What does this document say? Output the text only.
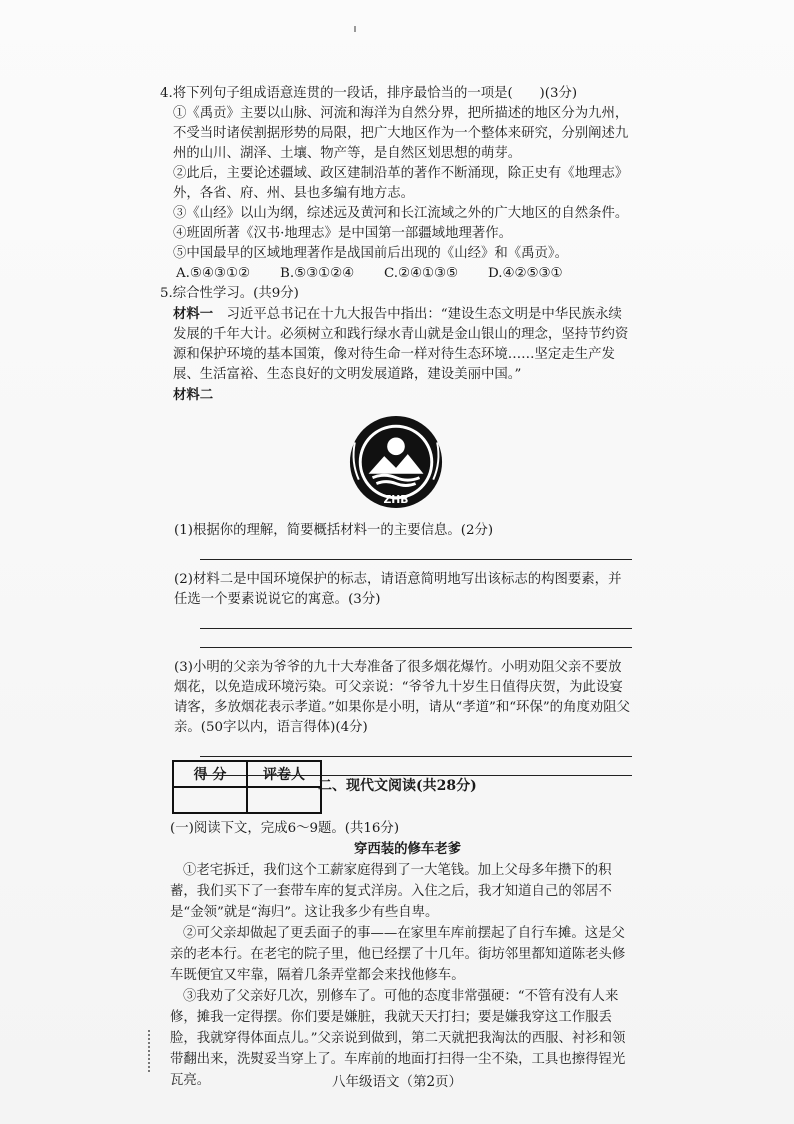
4.将下列句子组成语意连贯的一段话，排序最恰当的一项是(　　)(3分)

①《禹贡》主要以山脉、河流和海洋为自然分界，把所描述的地区分为九州，不受当时诸侯割据形势的局限，把广大地区作为一个整体来研究，分别阐述九州的山川、湖泽、土壤、物产等，是自然区划思想的萌芽。

②此后，主要论述疆域、政区建制沿革的著作不断涌现，除正史有《地理志》外，各省、府、州、县也多编有地方志。

③《山经》以山为纲，综述远及黄河和长江流域之外的广大地区的自然条件。

④班固所著《汉书·地理志》是中国第一部疆域地理著作。

⑤中国最早的区域地理著作是战国前后出现的《山经》和《禹贡》。

A.⑤④③①②	B.⑤③①②④	C.②④①③⑤	D.④②⑤③①

5.综合性学习。(共9分)

材料一　习近平总书记在十九大报告中指出：“建设生态文明是中华民族永续发展的千年大计。必须树立和践行绿水青山就是金山银山的理念，坚持节约资源和保护环境的基本国策，像对待生命一样对待生态环境……坚定走生产发展、生活富裕、生态良好的文明发展道路，建设美丽中国。”

材料二

ZHB

(1)根据你的理解，简要概括材料一的主要信息。(2分)

(2)材料二是中国环境保护的标志，请语意简明地写出该标志的构图要素，并任选一个要素说说它的寓意。(3分)

(3)小明的父亲为爷爷的九十大寿准备了很多烟花爆竹。小明劝阻父亲不要放烟花，以免造成环境污染。可父亲说：“爷爷九十岁生日值得庆贺，为此设宴请客，多放烟花表示孝道。”如果你是小明，请从“孝道”和“环保”的角度劝阻父亲。(50字以内，语言得体)(4分)

得 分	评卷人

二、现代文阅读(共28分)

(一)阅读下文，完成6～9题。(共16分)

穿西装的修车老爹

①老宅拆迁，我们这个工薪家庭得到了一大笔钱。加上父母多年攒下的积蓄，我们买下了一套带车库的复式洋房。入住之后，我才知道自己的邻居不是“金领”就是“海归”。这让我多少有些自卑。

②可父亲却做起了更丢面子的事——在家里车库前摆起了自行车摊。这是父亲的老本行。在老宅的院子里，他已经摆了十几年。街坊邻里都知道陈老头修车既便宜又牢靠，隔着几条弄堂都会来找他修车。

③我劝了父亲好几次，别修车了。可他的态度非常强硬：“不管有没有人来修，摊我一定得摆。你们要是嫌脏，我就天天打扫；要是嫌我穿这工作服丢脸，我就穿得体面点儿。”父亲说到做到，第二天就把我淘汰的西服、衬衫和领带翻出来，洗熨妥当穿上了。车库前的地面打扫得一尘不染，工具也擦得锃光瓦亮。	八年级语文（第2页）
